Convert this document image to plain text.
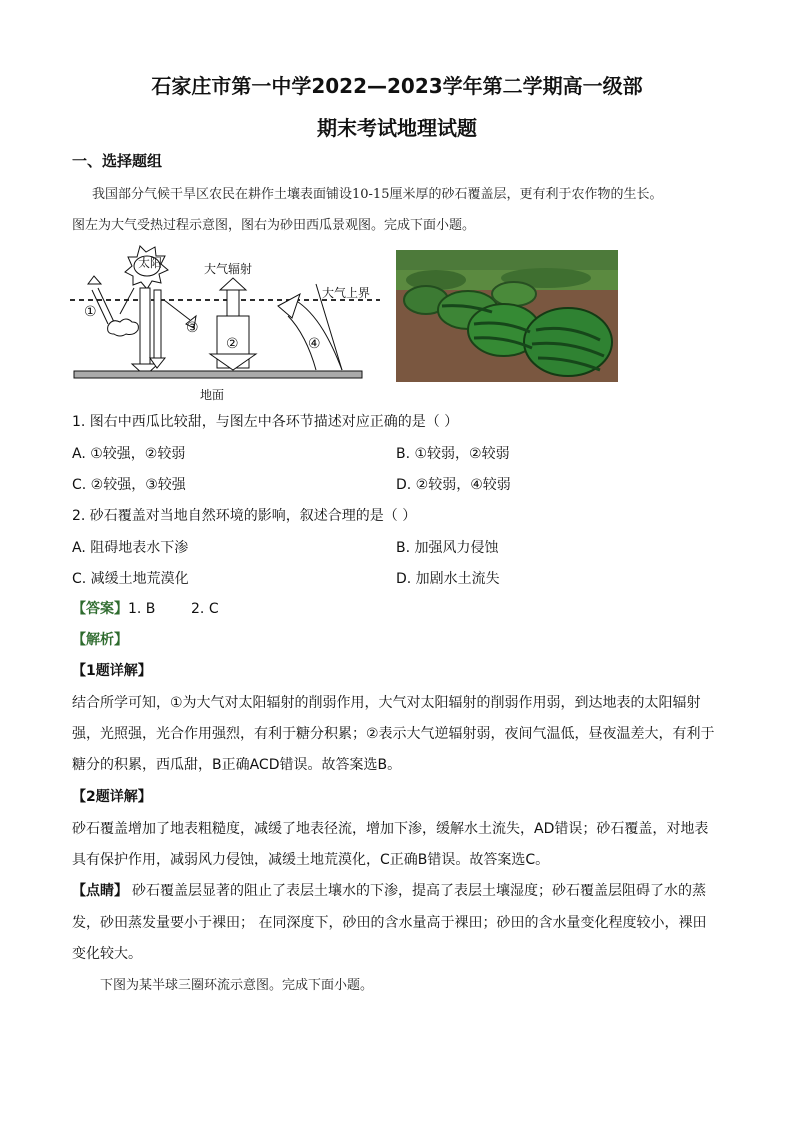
石家庄市第一中学2022—2023学年第二学期高一级部
期末考试地理试题
一、选择题组
我国部分气候干旱区农民在耕作土壤表面铺设10-15厘米厚的砂石覆盖层，更有利于农作物的生长。
图左为大气受热过程示意图，图右为砂田西瓜景观图。完成下面小题。
太阳	大气辐射
大气上界
①
②
③
④
地面
1. 图右中西瓜比较甜，与图左中各环节描述对应正确的是（ ）
A. ①较强，②较弱	B. ①较弱，②较弱
C. ②较强，③较强	D. ②较弱，④较弱
2. 砂石覆盖对当地自然环境的影响，叙述合理的是（ ）
A. 阻碍地表水下渗	B. 加强风力侵蚀
C. 减缓土地荒漠化	D. 加剧水土流失
【答案】1. B        2. C
【解析】
【1题详解】
结合所学可知，①为大气对太阳辐射的削弱作用，大气对太阳辐射的削弱作用弱，到达地表的太阳辐射
强，光照强，光合作用强烈，有利于糖分积累；②表示大气逆辐射弱，夜间气温低，昼夜温差大，有利于
糖分的积累，西瓜甜，B正确ACD错误。故答案选B。
【2题详解】
砂石覆盖增加了地表粗糙度，减缓了地表径流，增加下渗，缓解水土流失，AD错误；砂石覆盖，对地表
具有保护作用，减弱风力侵蚀，减缓土地荒漠化，C正确B错误。故答案选C。
【点睛】 砂石覆盖层显著的阻止了表层土壤水的下渗，提高了表层土壤湿度；砂石覆盖层阻碍了水的蒸
发，砂田蒸发量要小于裸田； 在同深度下，砂田的含水量高于裸田；砂田的含水量变化程度较小，裸田
变化较大。
下图为某半球三圈环流示意图。完成下面小题。
